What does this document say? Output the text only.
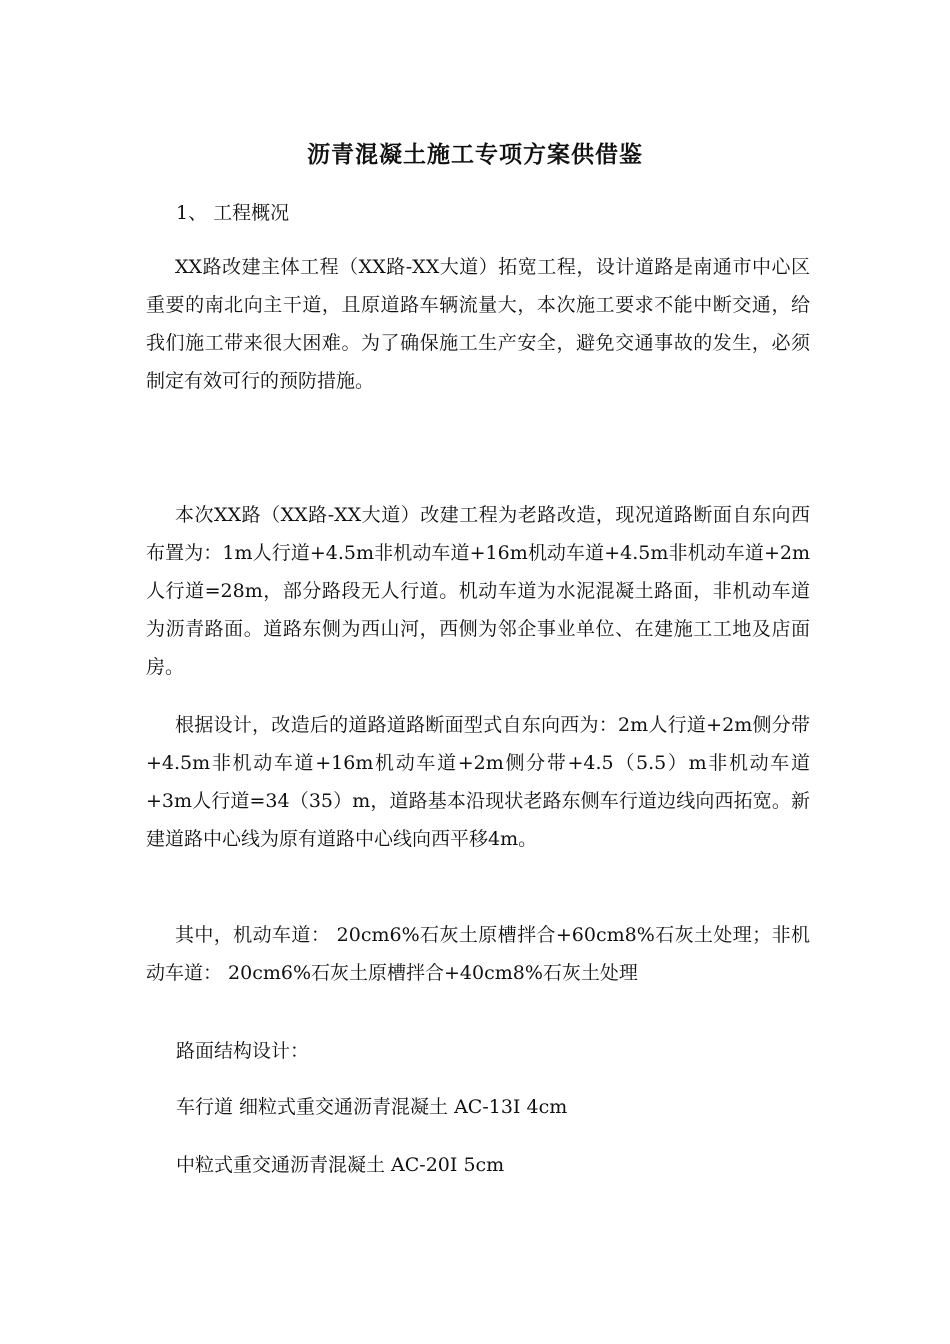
沥青混凝土施工专项方案供借鉴
1、 工程概况

XX路改建主体工程（XX路-XX大道）拓宽工程，设计道路是南通市中心区重要的南北向主干道，且原道路车辆流量大，本次施工要求不能中断交通，给我们施工带来很大困难。为了确保施工生产安全，避免交通事故的发生，必须制定有效可行的预防措施。

本次XX路（XX路-XX大道）改建工程为老路改造，现况道路断面自东向西布置为：1m人行道+4.5m非机动车道+16m机动车道+4.5m非机动车道+2m人行道=28m，部分路段无人行道。机动车道为水泥混凝土路面，非机动车道为沥青路面。道路东侧为西山河，西侧为邻企事业单位、在建施工工地及店面房。

根据设计，改造后的道路道路断面型式自东向西为：2m人行道+2m侧分带+4.5m非机动车道+16m机动车道+2m侧分带+4.5（5.5）m非机动车道+3m人行道=34（35）m，道路基本沿现状老路东侧车行道边线向西拓宽。新建道路中心线为原有道路中心线向西平移4m。

其中，机动车道： 20cm6%石灰土原槽拌合+60cm8%石灰土处理；非机动车道： 20cm6%石灰土原槽拌合+40cm8%石灰土处理

路面结构设计：
车行道 细粒式重交通沥青混凝土 AC-13I 4cm
中粒式重交通沥青混凝土 AC-20I 5cm
